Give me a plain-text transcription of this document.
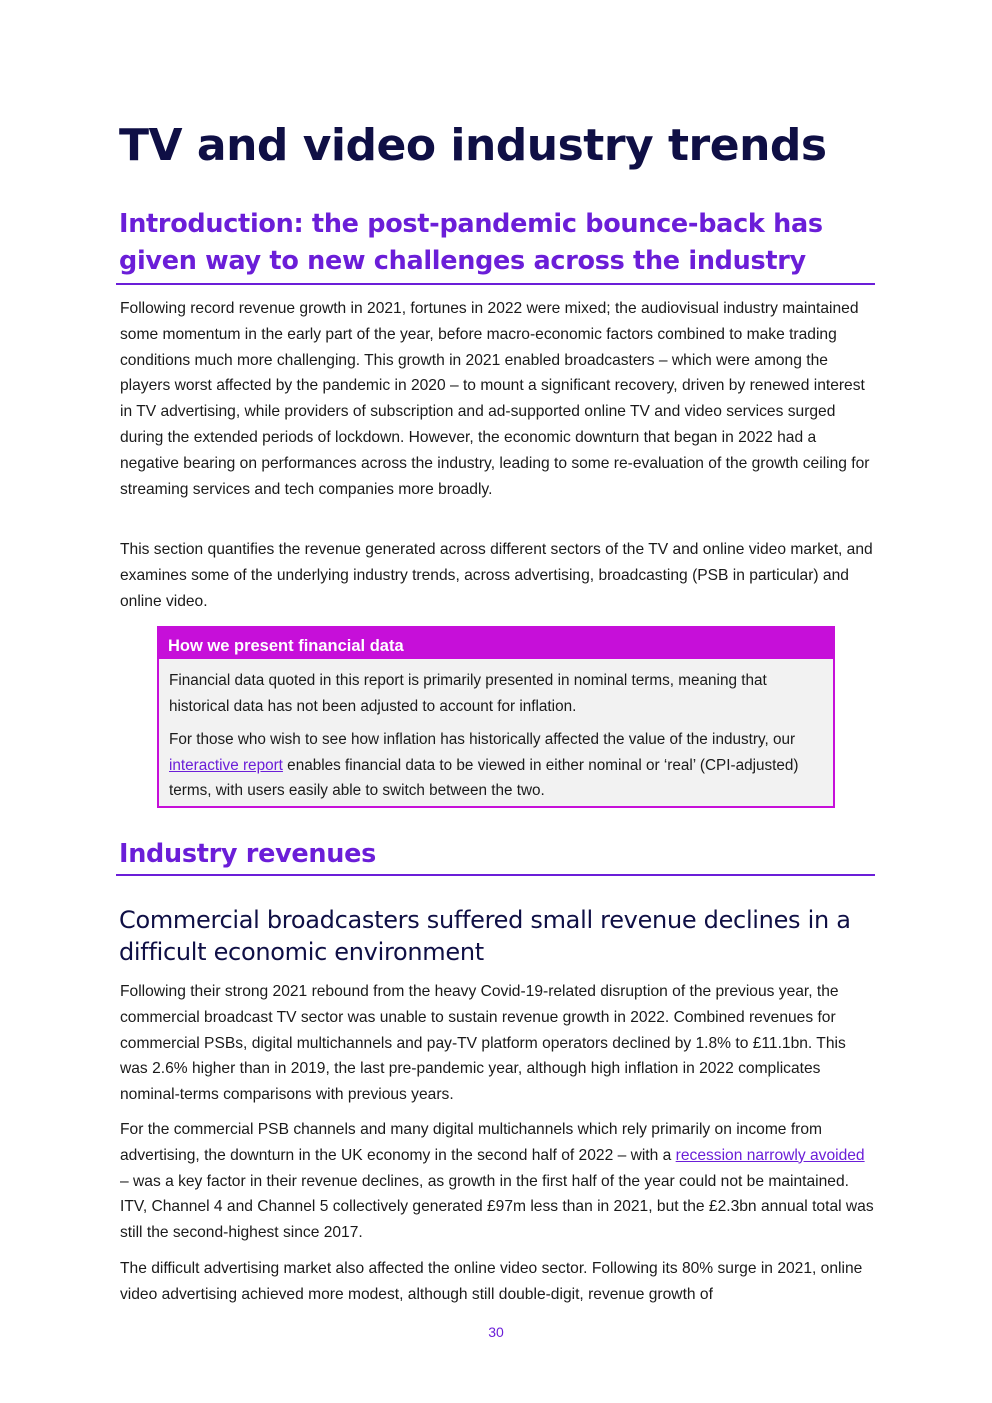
TV and video industry trends
Introduction: the post-pandemic bounce-back has
given way to new challenges across the industry

Following record revenue growth in 2021, fortunes in 2022 were mixed; the audiovisual industry maintained some momentum in the early part of the year, before macro-economic factors combined to make trading conditions much more challenging. This growth in 2021 enabled broadcasters – which were among the players worst affected by the pandemic in 2020 – to mount a significant recovery, driven by renewed interest in TV advertising, while providers of subscription and ad-supported online TV and video services surged during the extended periods of lockdown. However, the economic downturn that began in 2022 had a negative bearing on performances across the industry, leading to some re-evaluation of the growth ceiling for streaming services and tech companies more broadly.

This section quantifies the revenue generated across different sectors of the TV and online video market, and examines some of the underlying industry trends, across advertising, broadcasting (PSB in particular) and online video.

How we present financial data

Financial data quoted in this report is primarily presented in nominal terms, meaning that historical data has not been adjusted to account for inflation.

For those who wish to see how inflation has historically affected the value of the industry, our interactive report enables financial data to be viewed in either nominal or ‘real’ (CPI-adjusted) terms, with users easily able to switch between the two.

Industry revenues
Commercial broadcasters suffered small revenue declines in a
difficult economic environment

Following their strong 2021 rebound from the heavy Covid-19-related disruption of the previous year, the commercial broadcast TV sector was unable to sustain revenue growth in 2022. Combined revenues for commercial PSBs, digital multichannels and pay-TV platform operators declined by 1.8% to £11.1bn. This was 2.6% higher than in 2019, the last pre-pandemic year, although high inflation in 2022 complicates nominal-terms comparisons with previous years.

For the commercial PSB channels and many digital multichannels which rely primarily on income from advertising, the downturn in the UK economy in the second half of 2022 – with a recession narrowly avoided – was a key factor in their revenue declines, as growth in the first half of the year could not be maintained. ITV, Channel 4 and Channel 5 collectively generated £97m less than in 2021, but the £2.3bn annual total was still the second-highest since 2017.

The difficult advertising market also affected the online video sector. Following its 80% surge in 2021, online video advertising achieved more modest, although still double-digit, revenue growth of

30
